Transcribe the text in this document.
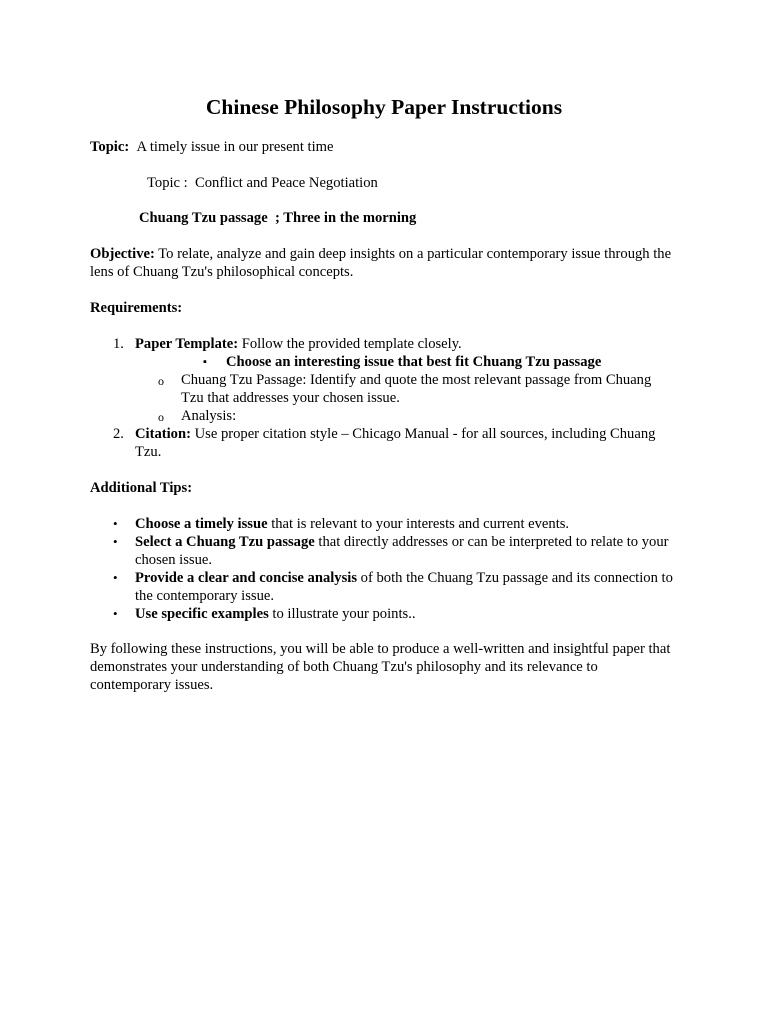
Chinese Philosophy Paper Instructions
Topic: A timely issue in our present time
Topic : Conflict and Peace Negotiation
Chuang Tzu passage  ; Three in the morning
Objective: To relate, analyze and gain deep insights on a particular contemporary issue through the lens of Chuang Tzu's philosophical concepts.
Requirements:
1. Paper Template: Follow the provided template closely.
▪ Choose an interesting issue that best fit Chuang Tzu passage
o Chuang Tzu Passage: Identify and quote the most relevant passage from Chuang Tzu that addresses your chosen issue.
o Analysis:
2. Citation: Use proper citation style – Chicago Manual - for all sources, including Chuang Tzu.
Additional Tips:
• Choose a timely issue that is relevant to your interests and current events.
• Select a Chuang Tzu passage that directly addresses or can be interpreted to relate to your chosen issue.
• Provide a clear and concise analysis of both the Chuang Tzu passage and its connection to the contemporary issue.
• Use specific examples to illustrate your points..
By following these instructions, you will be able to produce a well-written and insightful paper that demonstrates your understanding of both Chuang Tzu's philosophy and its relevance to contemporary issues.
